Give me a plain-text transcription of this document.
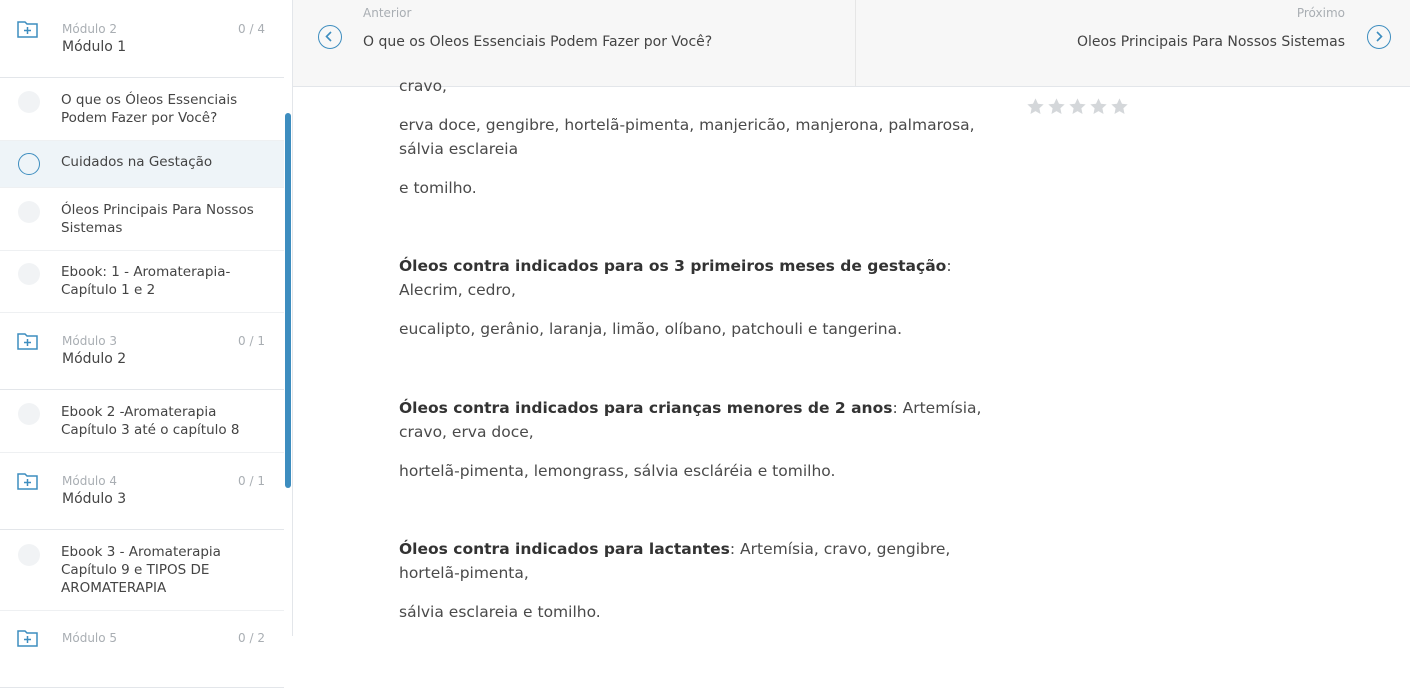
Módulo 2
Módulo 1
0 / 4
O que os Óleos Essenciais Podem Fazer por Você?
Cuidados na Gestação
Óleos Principais Para Nossos Sistemas
Ebook: 1 - Aromaterapia-Capítulo 1 e 2
Módulo 3
Módulo 2
0 / 1
Ebook 2 -Aromaterapia Capítulo 3 até o capítulo 8
Módulo 4
Módulo 3
0 / 1
Ebook 3 - Aromaterapia Capítulo 9 e TIPOS DE AROMATERAPIA
Módulo 5	0 / 2
Anterior
O que os Oleos Essenciais Podem Fazer por Você?
Próximo
Oleos Principais Para Nossos Sistemas
cravo,
erva doce, gengibre, hortelã-pimenta, manjericão, manjerona, palmarosa, sálvia esclareia
e tomilho.
Óleos contra indicados para os 3 primeiros meses de gestação: Alecrim, cedro,
eucalipto, gerânio, laranja, limão, olíbano, patchouli e tangerina.
Óleos contra indicados para crianças menores de 2 anos: Artemísia, cravo, erva doce,
hortelã-pimenta, lemongrass, sálvia escláréia e tomilho.
Óleos contra indicados para lactantes: Artemísia, cravo, gengibre, hortelã-pimenta,
sálvia esclareia e tomilho.
